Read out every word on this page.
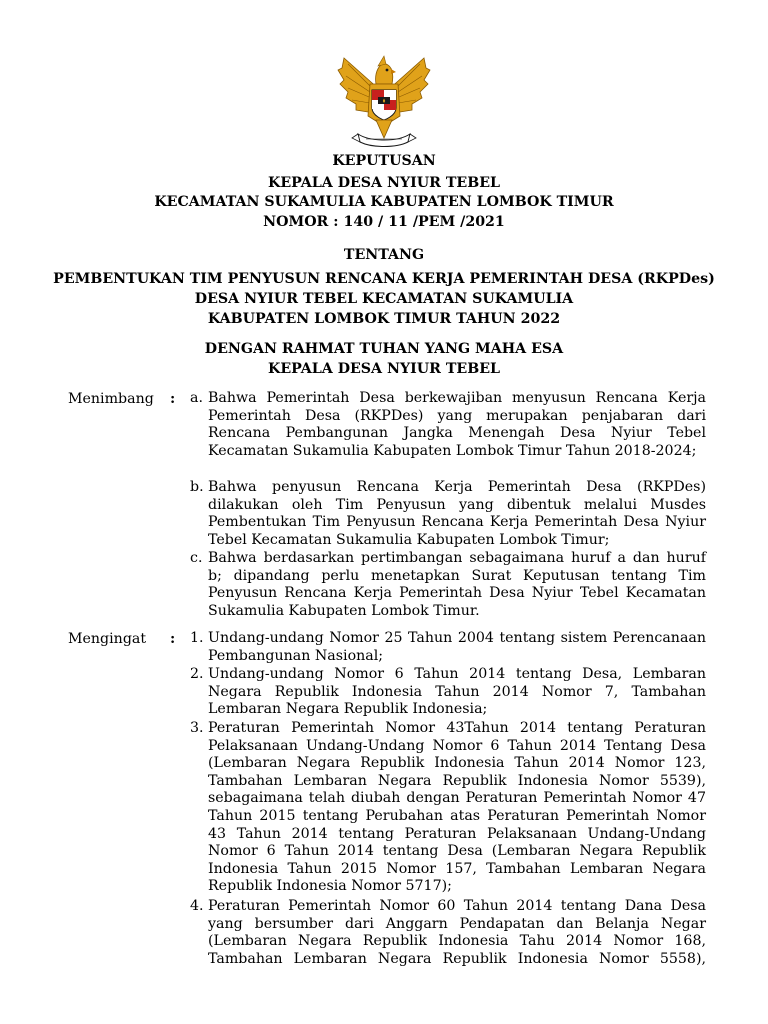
KEPUTUSAN
KEPALA DESA NYIUR TEBEL
KECAMATAN SUKAMULIA KABUPATEN LOMBOK TIMUR
NOMOR : 140 / 11 /PEM /2021
TENTANG
PEMBENTUKAN TIM PENYUSUN RENCANA KERJA PEMERINTAH DESA (RKPDes)
DESA NYIUR TEBEL KECAMATAN SUKAMULIA
KABUPATEN LOMBOK TIMUR TAHUN 2022
DENGAN RAHMAT TUHAN YANG MAHA ESA
KEPALA DESA NYIUR TEBEL
Menimbang	: a. Bahwa Pemerintah Desa berkewajiban menyusun Rencana Kerja Pemerintah Desa (RKPDes) yang merupakan penjabaran dari Rencana Pembangunan Jangka Menengah Desa Nyiur Tebel Kecamatan Sukamulia Kabupaten Lombok Timur Tahun 2018-2024;
b. Bahwa penyusun Rencana Kerja Pemerintah Desa (RKPDes) dilakukan oleh Tim Penyusun yang dibentuk melalui Musdes Pembentukan Tim Penyusun Rencana Kerja Pemerintah Desa Nyiur Tebel Kecamatan Sukamulia Kabupaten Lombok Timur;
c. Bahwa berdasarkan pertimbangan sebagaimana huruf a dan huruf b; dipandang perlu menetapkan Surat Keputusan tentang Tim Penyusun Rencana Kerja Pemerintah Desa Nyiur Tebel Kecamatan Sukamulia Kabupaten Lombok Timur.
Mengingat	: 1. Undang-undang Nomor 25 Tahun 2004 tentang sistem Perencanaan Pembangunan Nasional;
2. Undang-undang Nomor 6 Tahun 2014 tentang Desa, Lembaran Negara Republik Indonesia Tahun 2014 Nomor 7, Tambahan Lembaran Negara Republik Indonesia;
3. Peraturan Pemerintah Nomor 43Tahun 2014 tentang Peraturan Pelaksanaan Undang-Undang Nomor 6 Tahun 2014 Tentang Desa (Lembaran Negara Republik Indonesia Tahun 2014 Nomor 123, Tambahan Lembaran Negara Republik Indonesia Nomor 5539), sebagaimana telah diubah dengan Peraturan Pemerintah Nomor 47 Tahun 2015 tentang Perubahan atas Peraturan Pemerintah Nomor 43 Tahun 2014 tentang Peraturan Pelaksanaan Undang-Undang Nomor 6 Tahun 2014 tentang Desa (Lembaran Negara Republik Indonesia Tahun 2015 Nomor 157, Tambahan Lembaran Negara Republik Indonesia Nomor 5717);
4. Peraturan Pemerintah Nomor 60 Tahun 2014 tentang Dana Desa yang bersumber dari Anggarn Pendapatan dan Belanja Negar (Lembaran Negara Republik Indonesia Tahu 2014 Nomor 168, Tambahan Lembaran Negara Republik Indonesia Nomor 5558),
